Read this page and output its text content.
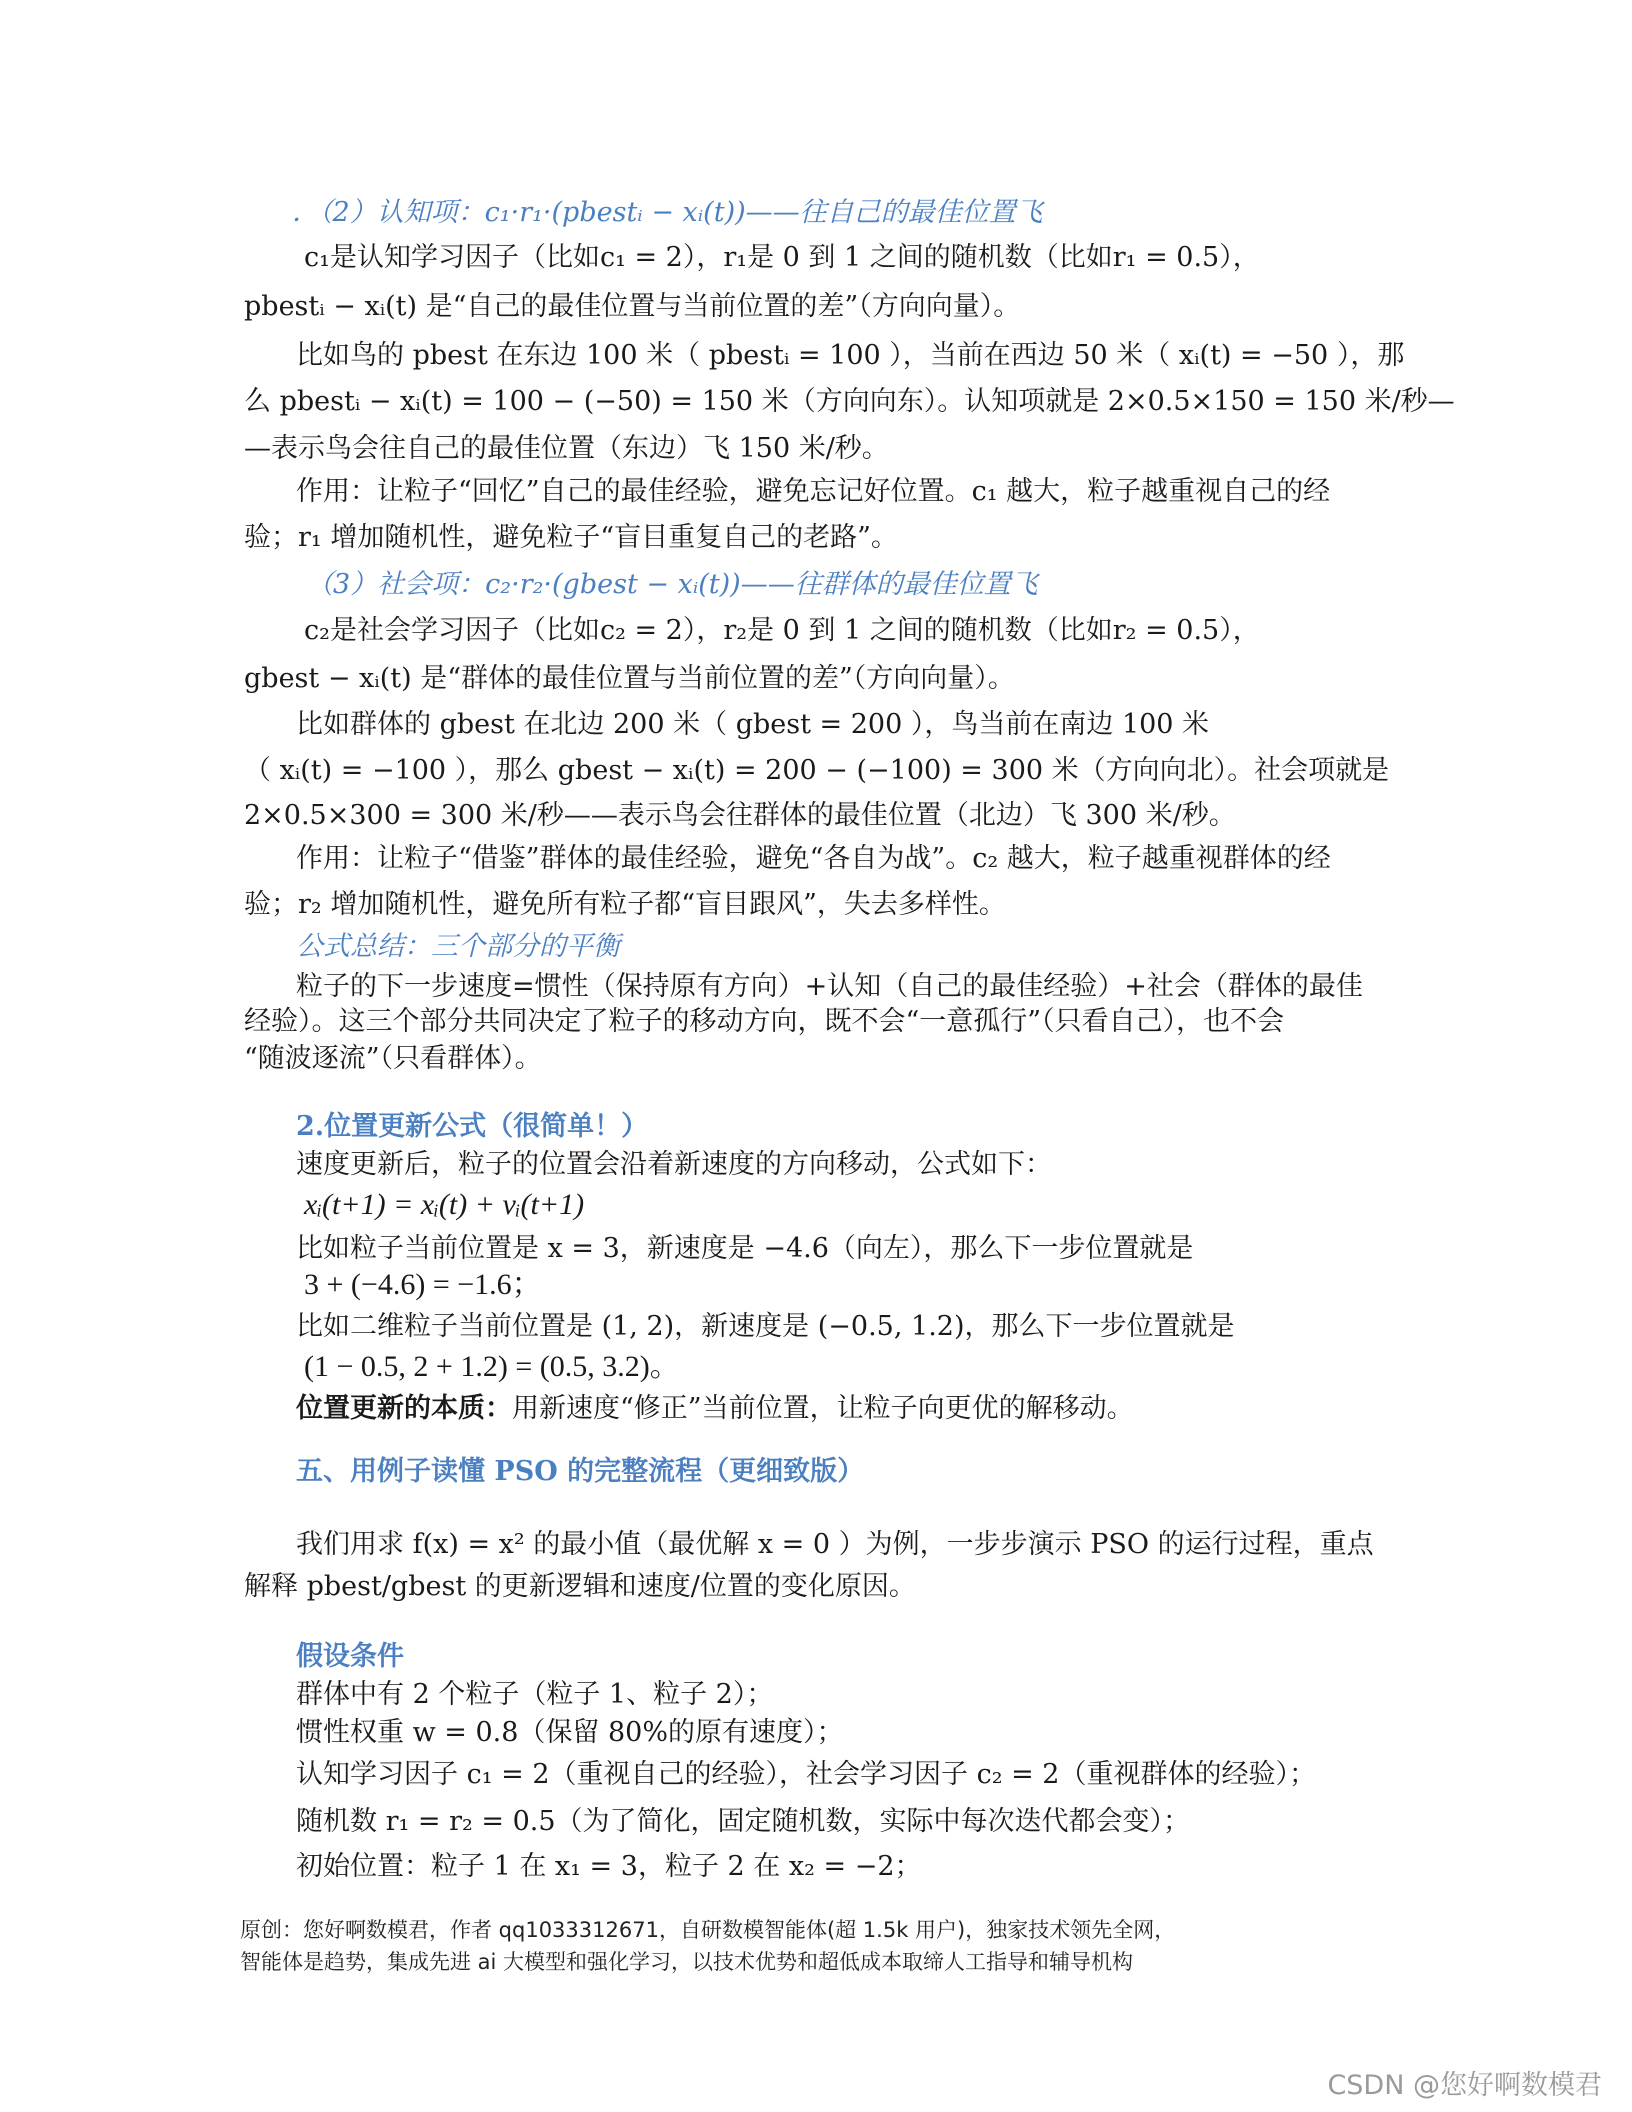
．（2）认知项：c₁·r₁·(pbestᵢ − xᵢ(t))——往自己的最佳位置飞
c₁是认知学习因子（比如c₁ = 2），r₁是 0 到 1 之间的随机数（比如r₁ = 0.5），
pbestᵢ − xᵢ(t) 是“自己的最佳位置与当前位置的差”（方向向量）。
比如鸟的 pbest 在东边 100 米（ pbestᵢ = 100 ），当前在西边 50 米（ xᵢ(t) = −50 ），那
么 pbestᵢ − xᵢ(t) = 100 − (−50) = 150 米（方向向东）。认知项就是 2×0.5×150 = 150 米/秒—
—表示鸟会往自己的最佳位置（东边）飞 150 米/秒。
作用：让粒子“回忆”自己的最佳经验，避免忘记好位置。c₁ 越大，粒子越重视自己的经
验；r₁ 增加随机性，避免粒子“盲目重复自己的老路”。
（3）社会项：c₂·r₂·(gbest − xᵢ(t))——往群体的最佳位置飞
c₂是社会学习因子（比如c₂ = 2），r₂是 0 到 1 之间的随机数（比如r₂ = 0.5），
gbest − xᵢ(t) 是“群体的最佳位置与当前位置的差”（方向向量）。
比如群体的 gbest 在北边 200 米（ gbest = 200 ），鸟当前在南边 100 米
（ xᵢ(t) = −100 ），那么 gbest − xᵢ(t) = 200 − (−100) = 300 米（方向向北）。社会项就是
2×0.5×300 = 300 米/秒——表示鸟会往群体的最佳位置（北边）飞 300 米/秒。
作用：让粒子“借鉴”群体的最佳经验，避免“各自为战”。c₂ 越大，粒子越重视群体的经
验；r₂ 增加随机性，避免所有粒子都“盲目跟风”，失去多样性。
公式总结：三个部分的平衡
粒子的下一步速度=惯性（保持原有方向）+认知（自己的最佳经验）+社会（群体的最佳
经验）。这三个部分共同决定了粒子的移动方向，既不会“一意孤行”（只看自己），也不会
“随波逐流”（只看群体）。
2.位置更新公式（很简单！）
速度更新后，粒子的位置会沿着新速度的方向移动，公式如下：
xᵢ(t+1) = xᵢ(t) + vᵢ(t+1)
比如粒子当前位置是 x = 3，新速度是 −4.6（向左），那么下一步位置就是
3 + (−4.6) = −1.6；
比如二维粒子当前位置是 (1, 2)，新速度是 (−0.5, 1.2)，那么下一步位置就是
(1 − 0.5, 2 + 1.2) = (0.5, 3.2)。
位置更新的本质：用新速度“修正”当前位置，让粒子向更优的解移动。
五、用例子读懂 PSO 的完整流程（更细致版）
我们用求 f(x) = x² 的最小值（最优解 x = 0 ）为例，一步步演示 PSO 的运行过程，重点
解释 pbest/gbest 的更新逻辑和速度/位置的变化原因。
假设条件
群体中有 2 个粒子（粒子 1、粒子 2）；
惯性权重 w = 0.8（保留 80%的原有速度）；
认知学习因子 c₁ = 2（重视自己的经验），社会学习因子 c₂ = 2（重视群体的经验）；
随机数 r₁ = r₂ = 0.5（为了简化，固定随机数，实际中每次迭代都会变）；
初始位置：粒子 1 在 x₁ = 3，粒子 2 在 x₂ = −2；
原创：您好啊数模君，作者 qq1033312671，自研数模智能体(超 1.5k 用户)，独家技术领先全网，
智能体是趋势，集成先进 ai 大模型和强化学习，以技术优势和超低成本取缔人工指导和辅导机构
CSDN @您好啊数模君
